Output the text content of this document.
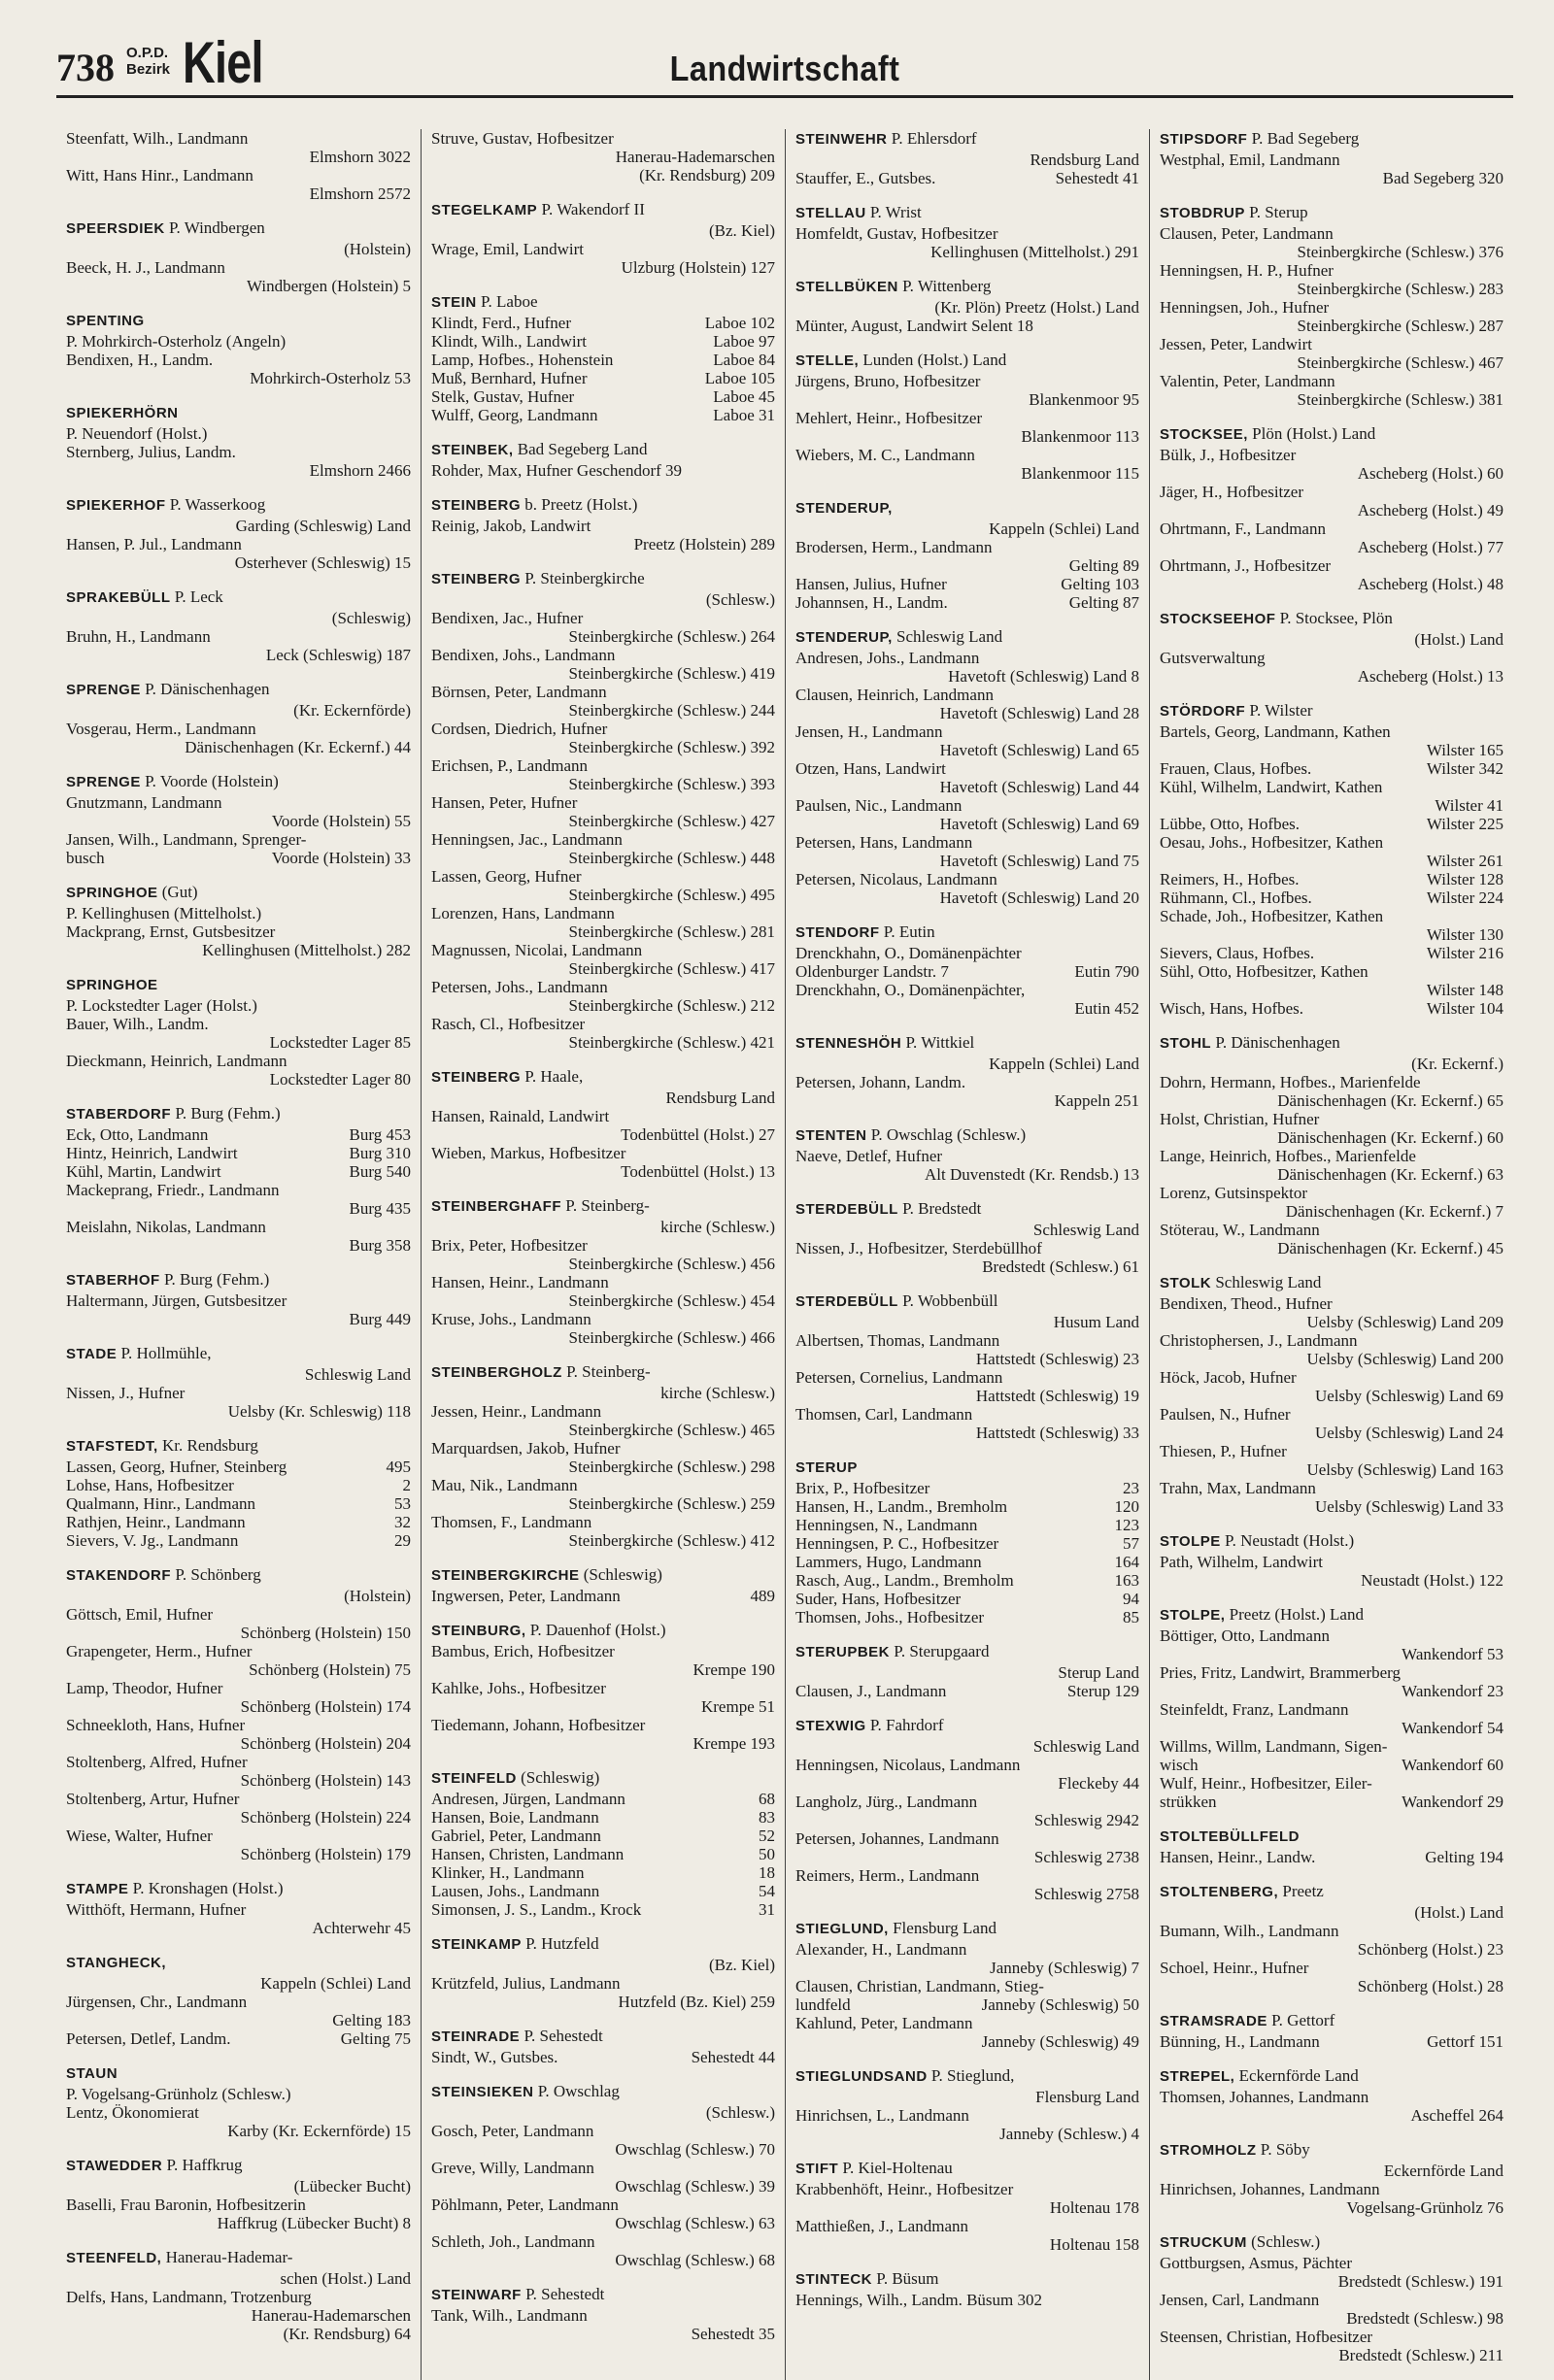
738 O.P.D.
Bezirk Kiel	Landwirtschaft
Steenfatt, Wilh., Landmann
Elmshorn 3022
Witt, Hans Hinr., Landmann
Elmshorn 2572
SPEERSDIEK P. Windbergen
(Holstein)
Beeck, H. J., Landmann
Windbergen (Holstein) 5
SPENTING
P. Mohrkirch-Osterholz (Angeln)
Bendixen, H., Landm.
Mohrkirch-Osterholz 53
SPIEKERHÖRN
P. Neuendorf (Holst.)
Sternberg, Julius, Landm.
Elmshorn 2466
SPIEKERHOF P. Wasserkoog
Garding (Schleswig) Land
Hansen, P. Jul., Landmann
Osterhever (Schleswig) 15
SPRAKEBÜLL P. Leck
(Schleswig)
Bruhn, H., Landmann
Leck (Schleswig) 187
SPRENGE P. Dänischenhagen
(Kr. Eckernförde)
Vosgerau, Herm., Landmann
Dänischenhagen (Kr. Eckernf.) 44
SPRENGE P. Voorde (Holstein)
Gnutzmann, Landmann
Voorde (Holstein) 55
Jansen, Wilh., Landmann, Sprenger-
busch	Voorde (Holstein) 33
SPRINGHOE (Gut)
P. Kellinghusen (Mittelholst.)
Mackprang, Ernst, Gutsbesitzer
Kellinghusen (Mittelholst.) 282
SPRINGHOE
P. Lockstedter Lager (Holst.)
Bauer, Wilh., Landm.
Lockstedter Lager 85
Dieckmann, Heinrich, Landmann
Lockstedter Lager 80
STABERDORF P. Burg (Fehm.)
Eck, Otto, Landmann	Burg 453
Hintz, Heinrich, Landwirt	Burg 310
Kühl, Martin, Landwirt	Burg 540
Mackeprang, Friedr., Landmann
Burg 435
Meislahn, Nikolas, Landmann
Burg 358
STABERHOF P. Burg (Fehm.)
Haltermann, Jürgen, Gutsbesitzer
Burg 449
STADE P. Hollmühle,
Schleswig Land
Nissen, J., Hufner
Uelsby (Kr. Schleswig) 118
STAFSTEDT, Kr. Rendsburg
Lassen, Georg, Hufner, Steinberg	495
Lohse, Hans, Hofbesitzer	2
Qualmann, Hinr., Landmann	53
Rathjen, Heinr., Landmann	32
Sievers, V. Jg., Landmann	29
STAKENDORF P. Schönberg
(Holstein)
Göttsch, Emil, Hufner
Schönberg (Holstein) 150
Grapengeter, Herm., Hufner
Schönberg (Holstein) 75
Lamp, Theodor, Hufner
Schönberg (Holstein) 174
Schneekloth, Hans, Hufner
Schönberg (Holstein) 204
Stoltenberg, Alfred, Hufner
Schönberg (Holstein) 143
Stoltenberg, Artur, Hufner
Schönberg (Holstein) 224
Wiese, Walter, Hufner
Schönberg (Holstein) 179
STAMPE P. Kronshagen (Holst.)
Witthöft, Hermann, Hufner
Achterwehr 45
STANGHECK,
Kappeln (Schlei) Land
Jürgensen, Chr., Landmann
Gelting 183
Petersen, Detlef, Landm.	Gelting 75
STAUN
P. Vogelsang-Grünholz (Schlesw.)
Lentz, Ökonomierat
Karby (Kr. Eckernförde) 15
STAWEDDER P. Haffkrug
(Lübecker Bucht)
Baselli, Frau Baronin, Hofbesitzerin
Haffkrug (Lübecker Bucht) 8
STEENFELD, Hanerau-Hademar-
schen (Holst.) Land
Delfs, Hans, Landmann, Trotzenburg
Hanerau-Hademarschen
(Kr. Rendsburg) 64
Struve, Gustav, Hofbesitzer
Hanerau-Hademarschen
(Kr. Rendsburg) 209
STEGELKAMP P. Wakendorf II
(Bz. Kiel)
Wrage, Emil, Landwirt
Ulzburg (Holstein) 127
STEIN P. Laboe
Klindt, Ferd., Hufner	Laboe 102
Klindt, Wilh., Landwirt	Laboe 97
Lamp, Hofbes., Hohenstein	Laboe 84
Muß, Bernhard, Hufner	Laboe 105
Stelk, Gustav, Hufner	Laboe 45
Wulff, Georg, Landmann	Laboe 31
STEINBEK, Bad Segeberg Land
Rohder, Max, Hufner Geschendorf 39
STEINBERG b. Preetz (Holst.)
Reinig, Jakob, Landwirt
Preetz (Holstein) 289
STEINBERG P. Steinbergkirche
(Schlesw.)
Bendixen, Jac., Hufner
Steinbergkirche (Schlesw.) 264
Bendixen, Johs., Landmann
Steinbergkirche (Schlesw.) 419
Börnsen, Peter, Landmann
Steinbergkirche (Schlesw.) 244
Cordsen, Diedrich, Hufner
Steinbergkirche (Schlesw.) 392
Erichsen, P., Landmann
Steinbergkirche (Schlesw.) 393
Hansen, Peter, Hufner
Steinbergkirche (Schlesw.) 427
Henningsen, Jac., Landmann
Steinbergkirche (Schlesw.) 448
Lassen, Georg, Hufner
Steinbergkirche (Schlesw.) 495
Lorenzen, Hans, Landmann
Steinbergkirche (Schlesw.) 281
Magnussen, Nicolai, Landmann
Steinbergkirche (Schlesw.) 417
Petersen, Johs., Landmann
Steinbergkirche (Schlesw.) 212
Rasch, Cl., Hofbesitzer
Steinbergkirche (Schlesw.) 421
STEINBERG P. Haale,
Rendsburg Land
Hansen, Rainald, Landwirt
Todenbüttel (Holst.) 27
Wieben, Markus, Hofbesitzer
Todenbüttel (Holst.) 13
STEINBERGHAFF P. Steinberg-
kirche (Schlesw.)
Brix, Peter, Hofbesitzer
Steinbergkirche (Schlesw.) 456
Hansen, Heinr., Landmann
Steinbergkirche (Schlesw.) 454
Kruse, Johs., Landmann
Steinbergkirche (Schlesw.) 466
STEINBERGHOLZ P. Steinberg-
kirche (Schlesw.)
Jessen, Heinr., Landmann
Steinbergkirche (Schlesw.) 465
Marquardsen, Jakob, Hufner
Steinbergkirche (Schlesw.) 298
Mau, Nik., Landmann
Steinbergkirche (Schlesw.) 259
Thomsen, F., Landmann
Steinbergkirche (Schlesw.) 412
STEINBERGKIRCHE (Schleswig)
Ingwersen, Peter, Landmann	489
STEINBURG, P. Dauenhof (Holst.)
Bambus, Erich, Hofbesitzer
Krempe 190
Kahlke, Johs., Hofbesitzer
Krempe 51
Tiedemann, Johann, Hofbesitzer
Krempe 193
STEINFELD (Schleswig)
Andresen, Jürgen, Landmann	68
Hansen, Boie, Landmann	83
Gabriel, Peter, Landmann	52
Hansen, Christen, Landmann	50
Klinker, H., Landmann	18
Lausen, Johs., Landmann	54
Simonsen, J. S., Landm., Krock	31
STEINKAMP P. Hutzfeld
(Bz. Kiel)
Krützfeld, Julius, Landmann
Hutzfeld (Bz. Kiel) 259
STEINRADE P. Sehestedt
Sindt, W., Gutsbes.	Sehestedt 44
STEINSIEKEN P. Owschlag
(Schlesw.)
Gosch, Peter, Landmann
Owschlag (Schlesw.) 70
Greve, Willy, Landmann
Owschlag (Schlesw.) 39
Pöhlmann, Peter, Landmann
Owschlag (Schlesw.) 63
Schleth, Joh., Landmann
Owschlag (Schlesw.) 68
STEINWARF P. Sehestedt
Tank, Wilh., Landmann
Sehestedt 35
STEINWEHR P. Ehlersdorf
Rendsburg Land
Stauffer, E., Gutsbes.	Sehestedt 41
STELLAU P. Wrist
Homfeldt, Gustav, Hofbesitzer
Kellinghusen (Mittelholst.) 291
STELLBÜKEN P. Wittenberg
(Kr. Plön) Preetz (Holst.) Land
Münter, August, Landwirt Selent 18
STELLE, Lunden (Holst.) Land
Jürgens, Bruno, Hofbesitzer
Blankenmoor 95
Mehlert, Heinr., Hofbesitzer
Blankenmoor 113
Wiebers, M. C., Landmann
Blankenmoor 115
STENDERUP,
Kappeln (Schlei) Land
Brodersen, Herm., Landmann
Gelting 89
Hansen, Julius, Hufner	Gelting 103
Johannsen, H., Landm.	Gelting 87
STENDERUP, Schleswig Land
Andresen, Johs., Landmann
Havetoft (Schleswig) Land 8
Clausen, Heinrich, Landmann
Havetoft (Schleswig) Land 28
Jensen, H., Landmann
Havetoft (Schleswig) Land 65
Otzen, Hans, Landwirt
Havetoft (Schleswig) Land 44
Paulsen, Nic., Landmann
Havetoft (Schleswig) Land 69
Petersen, Hans, Landmann
Havetoft (Schleswig) Land 75
Petersen, Nicolaus, Landmann
Havetoft (Schleswig) Land 20
STENDORF P. Eutin
Drenckhahn, O., Domänenpächter
Oldenburger Landstr. 7	Eutin 790
Drenckhahn, O., Domänenpächter,
Eutin 452
STENNESHÖH P. Wittkiel
Kappeln (Schlei) Land
Petersen, Johann, Landm.
Kappeln 251
STENTEN P. Owschlag (Schlesw.)
Naeve, Detlef, Hufner
Alt Duvenstedt (Kr. Rendsb.) 13
STERDEBÜLL P. Bredstedt
Schleswig Land
Nissen, J., Hofbesitzer, Sterdebüllhof
Bredstedt (Schlesw.) 61
STERDEBÜLL P. Wobbenbüll
Husum Land
Albertsen, Thomas, Landmann
Hattstedt (Schleswig) 23
Petersen, Cornelius, Landmann
Hattstedt (Schleswig) 19
Thomsen, Carl, Landmann
Hattstedt (Schleswig) 33
STERUP
Brix, P., Hofbesitzer	23
Hansen, H., Landm., Bremholm	120
Henningsen, N., Landmann	123
Henningsen, P. C., Hofbesitzer	57
Lammers, Hugo, Landmann	164
Rasch, Aug., Landm., Bremholm	163
Suder, Hans, Hofbesitzer	94
Thomsen, Johs., Hofbesitzer	85
STERUPBEK P. Sterupgaard
Sterup Land
Clausen, J., Landmann	Sterup 129
STEXWIG P. Fahrdorf
Schleswig Land
Henningsen, Nicolaus, Landmann
Fleckeby 44
Langholz, Jürg., Landmann
Schleswig 2942
Petersen, Johannes, Landmann
Schleswig 2738
Reimers, Herm., Landmann
Schleswig 2758
STIEGLUND, Flensburg Land
Alexander, H., Landmann
Janneby (Schleswig) 7
Clausen, Christian, Landmann, Stieg-
lundfeld	Janneby (Schleswig) 50
Kahlund, Peter, Landmann
Janneby (Schleswig) 49
STIEGLUNDSAND P. Stieglund,
Flensburg Land
Hinrichsen, L., Landmann
Janneby (Schlesw.) 4
STIFT P. Kiel-Holtenau
Krabbenhöft, Heinr., Hofbesitzer
Holtenau 178
Matthießen, J., Landmann
Holtenau 158
STINTECK P. Büsum
Hennings, Wilh., Landm. Büsum 302
STIPSDORF P. Bad Segeberg
Westphal, Emil, Landmann
Bad Segeberg 320
STOBDRUP P. Sterup
Clausen, Peter, Landmann
Steinbergkirche (Schlesw.) 376
Henningsen, H. P., Hufner
Steinbergkirche (Schlesw.) 283
Henningsen, Joh., Hufner
Steinbergkirche (Schlesw.) 287
Jessen, Peter, Landwirt
Steinbergkirche (Schlesw.) 467
Valentin, Peter, Landmann
Steinbergkirche (Schlesw.) 381
STOCKSEE, Plön (Holst.) Land
Bülk, J., Hofbesitzer
Ascheberg (Holst.) 60
Jäger, H., Hofbesitzer
Ascheberg (Holst.) 49
Ohrtmann, F., Landmann
Ascheberg (Holst.) 77
Ohrtmann, J., Hofbesitzer
Ascheberg (Holst.) 48
STOCKSEEHOF P. Stocksee, Plön
(Holst.) Land
Gutsverwaltung
Ascheberg (Holst.) 13
STÖRDORF P. Wilster
Bartels, Georg, Landmann, Kathen
Wilster 165
Frauen, Claus, Hofbes.	Wilster 342
Kühl, Wilhelm, Landwirt, Kathen
Wilster 41
Lübbe, Otto, Hofbes.	Wilster 225
Oesau, Johs., Hofbesitzer, Kathen
Wilster 261
Reimers, H., Hofbes.	Wilster 128
Rühmann, Cl., Hofbes.	Wilster 224
Schade, Joh., Hofbesitzer, Kathen
Wilster 130
Sievers, Claus, Hofbes.	Wilster 216
Sühl, Otto, Hofbesitzer, Kathen
Wilster 148
Wisch, Hans, Hofbes.	Wilster 104
STOHL P. Dänischenhagen
(Kr. Eckernf.)
Dohrn, Hermann, Hofbes., Marienfelde
Dänischenhagen (Kr. Eckernf.) 65
Holst, Christian, Hufner
Dänischenhagen (Kr. Eckernf.) 60
Lange, Heinrich, Hofbes., Marienfelde
Dänischenhagen (Kr. Eckernf.) 63
Lorenz, Gutsinspektor
Dänischenhagen (Kr. Eckernf.) 7
Stöterau, W., Landmann
Dänischenhagen (Kr. Eckernf.) 45
STOLK Schleswig Land
Bendixen, Theod., Hufner
Uelsby (Schleswig) Land 209
Christophersen, J., Landmann
Uelsby (Schleswig) Land 200
Höck, Jacob, Hufner
Uelsby (Schleswig) Land 69
Paulsen, N., Hufner
Uelsby (Schleswig) Land 24
Thiesen, P., Hufner
Uelsby (Schleswig) Land 163
Trahn, Max, Landmann
Uelsby (Schleswig) Land 33
STOLPE P. Neustadt (Holst.)
Path, Wilhelm, Landwirt
Neustadt (Holst.) 122
STOLPE, Preetz (Holst.) Land
Böttiger, Otto, Landmann
Wankendorf 53
Pries, Fritz, Landwirt, Brammerberg
Wankendorf 23
Steinfeldt, Franz, Landmann
Wankendorf 54
Willms, Willm, Landmann, Sigen-
wisch	Wankendorf 60
Wulf, Heinr., Hofbesitzer, Eiler-
strükken	Wankendorf 29
STOLTEBÜLLFELD
Hansen, Heinr., Landw.	Gelting 194
STOLTENBERG, Preetz
(Holst.) Land
Bumann, Wilh., Landmann
Schönberg (Holst.) 23
Schoel, Heinr., Hufner
Schönberg (Holst.) 28
STRAMSRADE P. Gettorf
Bünning, H., Landmann	Gettorf 151
STREPEL, Eckernförde Land
Thomsen, Johannes, Landmann
Ascheffel 264
STROMHOLZ P. Söby
Eckernförde Land
Hinrichsen, Johannes, Landmann
Vogelsang-Grünholz 76
STRUCKUM (Schlesw.)
Gottburgsen, Asmus, Pächter
Bredstedt (Schlesw.) 191
Jensen, Carl, Landmann
Bredstedt (Schlesw.) 98
Steensen, Christian, Hofbesitzer
Bredstedt (Schlesw.) 211
